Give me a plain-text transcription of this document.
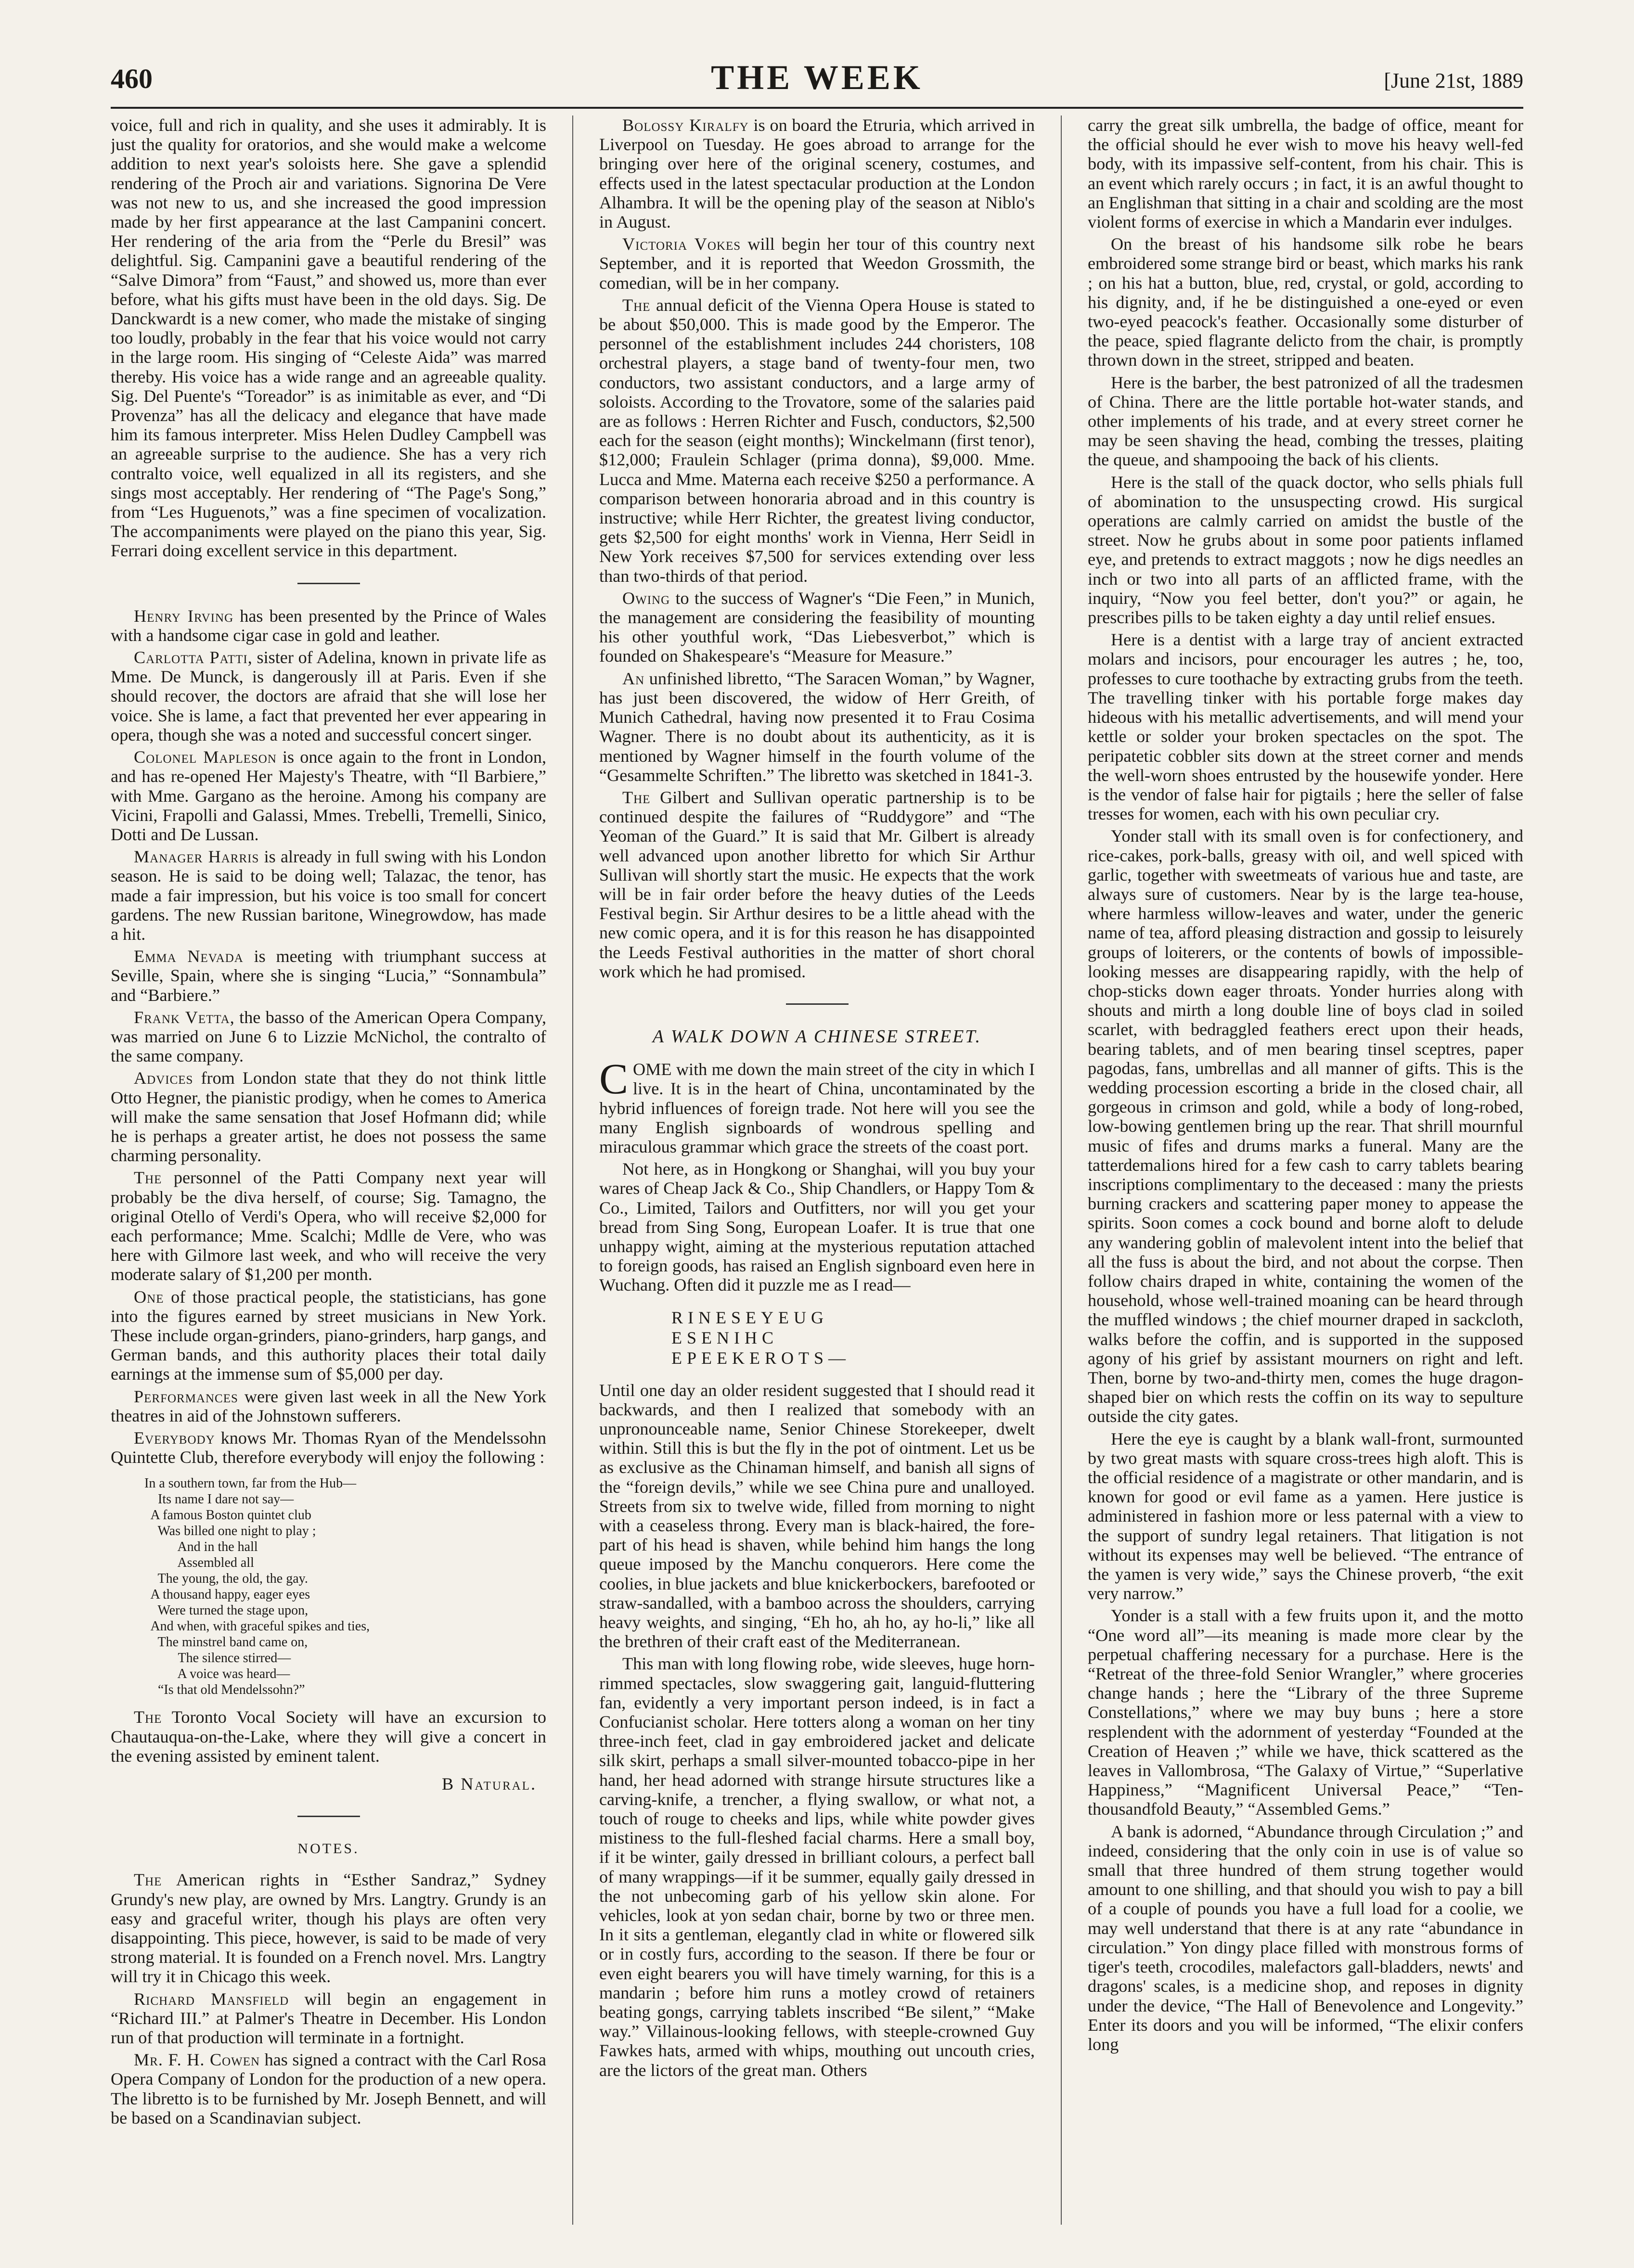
460	THE WEEK	[June 21st, 1889

voice, full and rich in quality, and she uses it admirably. It is just the quality for oratorios, and she would make a welcome addition to next year's soloists here. She gave a splendid rendering of the Proch air and variations. Signorina De Vere was not new to us, and she increased the good impression made by her first appearance at the last Campanini concert. Her rendering of the aria from the “Perle du Bresil” was delightful. Sig. Campanini gave a beautiful rendering of the “Salve Dimora” from “Faust,” and showed us, more than ever before, what his gifts must have been in the old days. Sig. De Danckwardt is a new comer, who made the mistake of singing too loudly, probably in the fear that his voice would not carry in the large room. His singing of “Celeste Aida” was marred thereby. His voice has a wide range and an agreeable quality. Sig. Del Puente's “Toreador” is as inimitable as ever, and “Di Provenza” has all the delicacy and elegance that have made him its famous interpreter. Miss Helen Dudley Campbell was an agreeable surprise to the audience. She has a very rich contralto voice, well equalized in all its registers, and she sings most acceptably. Her rendering of “The Page's Song,” from “Les Huguenots,” was a fine specimen of vocalization. The accompaniments were played on the piano this year, Sig. Ferrari doing excellent service in this department.

Henry Irving has been presented by the Prince of Wales with a handsome cigar case in gold and leather.

Carlotta Patti, sister of Adelina, known in private life as Mme. De Munck, is dangerously ill at Paris. Even if she should recover, the doctors are afraid that she will lose her voice. She is lame, a fact that prevented her ever appearing in opera, though she was a noted and successful concert singer.

Colonel Mapleson is once again to the front in London, and has re-opened Her Majesty's Theatre, with “Il Barbiere,” with Mme. Gargano as the heroine. Among his company are Vicini, Frapolli and Galassi, Mmes. Trebelli, Tremelli, Sinico, Dotti and De Lussan.

Manager Harris is already in full swing with his London season. He is said to be doing well; Talazac, the tenor, has made a fair impression, but his voice is too small for concert gardens. The new Russian baritone, Winegrowdow, has made a hit.

Emma Nevada is meeting with triumphant success at Seville, Spain, where she is singing “Lucia,” “Sonnambula” and “Barbiere.”

Frank Vetta, the basso of the American Opera Company, was married on June 6 to Lizzie McNichol, the contralto of the same company.

Advices from London state that they do not think little Otto Hegner, the pianistic prodigy, when he comes to America will make the same sensation that Josef Hofmann did; while he is perhaps a greater artist, he does not possess the same charming personality.

The personnel of the Patti Company next year will probably be the diva herself, of course; Sig. Tamagno, the original Otello of Verdi's Opera, who will receive $2,000 for each performance; Mme. Scalchi; Mdlle de Vere, who was here with Gilmore last week, and who will receive the very moderate salary of $1,200 per month.

One of those practical people, the statisticians, has gone into the figures earned by street musicians in New York. These include organ-grinders, piano-grinders, harp gangs, and German bands, and this authority places their total daily earnings at the immense sum of $5,000 per day.

Performances were given last week in all the New York theatres in aid of the Johnstown sufferers.

Everybody knows Mr. Thomas Ryan of the Mendelssohn Quintette Club, therefore everybody will enjoy the following :

In a southern town, far from the Hub—
Its name I dare not say—
A famous Boston quintet club
Was billed one night to play ;
And in the hall
Assembled all
The young, the old, the gay.
A thousand happy, eager eyes
Were turned the stage upon,
And when, with graceful spikes and ties,
The minstrel band came on,
The silence stirred—
A voice was heard—
“Is that old Mendelssohn?”

The Toronto Vocal Society will have an excursion to Chautauqua-on-the-Lake, where they will give a concert in the evening assisted by eminent talent.

B Natural.
NOTES.

The American rights in “Esther Sandraz,” Sydney Grundy's new play, are owned by Mrs. Langtry. Grundy is an easy and graceful writer, though his plays are often very disappointing. This piece, however, is said to be made of very strong material. It is founded on a French novel. Mrs. Langtry will try it in Chicago this week.

Richard Mansfield will begin an engagement in “Richard III.” at Palmer's Theatre in December. His London run of that production will terminate in a fortnight.

Mr. F. H. Cowen has signed a contract with the Carl Rosa Opera Company of London for the production of a new opera. The libretto is to be furnished by Mr. Joseph Bennett, and will be based on a Scandinavian subject.

Bolossy Kiralfy is on board the Etruria, which arrived in Liverpool on Tuesday. He goes abroad to arrange for the bringing over here of the original scenery, costumes, and effects used in the latest spectacular production at the London Alhambra. It will be the opening play of the season at Niblo's in August.

Victoria Vokes will begin her tour of this country next September, and it is reported that Weedon Grossmith, the comedian, will be in her company.

The annual deficit of the Vienna Opera House is stated to be about $50,000. This is made good by the Emperor. The personnel of the establishment includes 244 choristers, 108 orchestral players, a stage band of twenty-four men, two conductors, two assistant conductors, and a large army of soloists. According to the Trovatore, some of the salaries paid are as follows : Herren Richter and Fusch, conductors, $2,500 each for the season (eight months); Winckelmann (first tenor), $12,000; Fraulein Schlager (prima donna), $9,000. Mme. Lucca and Mme. Materna each receive $250 a performance. A comparison between honoraria abroad and in this country is instructive; while Herr Richter, the greatest living conductor, gets $2,500 for eight months' work in Vienna, Herr Seidl in New York receives $7,500 for services extending over less than two-thirds of that period.

Owing to the success of Wagner's “Die Feen,” in Munich, the management are considering the feasibility of mounting his other youthful work, “Das Liebesverbot,” which is founded on Shakespeare's “Measure for Measure.”

An unfinished libretto, “The Saracen Woman,” by Wagner, has just been discovered, the widow of Herr Greith, of Munich Cathedral, having now presented it to Frau Cosima Wagner. There is no doubt about its authenticity, as it is mentioned by Wagner himself in the fourth volume of the “Gesammelte Schriften.” The libretto was sketched in 1841-3.

The Gilbert and Sullivan operatic partnership is to be continued despite the failures of “Ruddygore” and “The Yeoman of the Guard.” It is said that Mr. Gilbert is already well advanced upon another libretto for which Sir Arthur Sullivan will shortly start the music. He expects that the work will be in fair order before the heavy duties of the Leeds Festival begin. Sir Arthur desires to be a little ahead with the new comic opera, and it is for this reason he has disappointed the Leeds Festival authorities in the matter of short choral work which he had promised.

A WALK DOWN A CHINESE STREET.

COME with me down the main street of the city in which I live. It is in the heart of China, uncontaminated by the hybrid influences of foreign trade. Not here will you see the many English signboards of wondrous spelling and miraculous grammar which grace the streets of the coast port.

Not here, as in Hongkong or Shanghai, will you buy your wares of Cheap Jack & Co., Ship Chandlers, or Happy Tom & Co., Limited, Tailors and Outfitters, nor will you get your bread from Sing Song, European Loafer. It is true that one unhappy wight, aiming at the mysterious reputation attached to foreign goods, has raised an English signboard even here in Wuchang. Often did it puzzle me as I read—

RINESEYEUG
ESENIHC
EPEEKEROTS—

Until one day an older resident suggested that I should read it backwards, and then I realized that somebody with an unpronounceable name, Senior Chinese Storekeeper, dwelt within. Still this is but the fly in the pot of ointment. Let us be as exclusive as the Chinaman himself, and banish all signs of the “foreign devils,” while we see China pure and unalloyed. Streets from six to twelve wide, filled from morning to night with a ceaseless throng. Every man is black-haired, the fore-part of his head is shaven, while behind him hangs the long queue imposed by the Manchu conquerors. Here come the coolies, in blue jackets and blue knickerbockers, barefooted or straw-sandalled, with a bamboo across the shoulders, carrying heavy weights, and singing, “Eh ho, ah ho, ay ho-li,” like all the brethren of their craft east of the Mediterranean.

This man with long flowing robe, wide sleeves, huge horn-rimmed spectacles, slow swaggering gait, languid-fluttering fan, evidently a very important person indeed, is in fact a Confucianist scholar. Here totters along a woman on her tiny three-inch feet, clad in gay embroidered jacket and delicate silk skirt, perhaps a small silver-mounted tobacco-pipe in her hand, her head adorned with strange hirsute structures like a carving-knife, a trencher, a flying swallow, or what not, a touch of rouge to cheeks and lips, while white powder gives mistiness to the full-fleshed facial charms. Here a small boy, if it be winter, gaily dressed in brilliant colours, a perfect ball of many wrappings—if it be summer, equally gaily dressed in the not unbecoming garb of his yellow skin alone. For vehicles, look at yon sedan chair, borne by two or three men. In it sits a gentleman, elegantly clad in white or flowered silk or in costly furs, according to the season. If there be four or even eight bearers you will have timely warning, for this is a mandarin ; before him runs a motley crowd of retainers beating gongs, carrying tablets inscribed “Be silent,” “Make way.” Villainous-looking fellows, with steeple-crowned Guy Fawkes hats, armed with whips, mouthing out uncouth cries, are the lictors of the great man. Others

carry the great silk umbrella, the badge of office, meant for the official should he ever wish to move his heavy well-fed body, with its impassive self-content, from his chair. This is an event which rarely occurs ; in fact, it is an awful thought to an Englishman that sitting in a chair and scolding are the most violent forms of exercise in which a Mandarin ever indulges.

On the breast of his handsome silk robe he bears embroidered some strange bird or beast, which marks his rank ; on his hat a button, blue, red, crystal, or gold, according to his dignity, and, if he be distinguished a one-eyed or even two-eyed peacock's feather. Occasionally some disturber of the peace, spied flagrante delicto from the chair, is promptly thrown down in the street, stripped and beaten.

Here is the barber, the best patronized of all the tradesmen of China. There are the little portable hot-water stands, and other implements of his trade, and at every street corner he may be seen shaving the head, combing the tresses, plaiting the queue, and shampooing the back of his clients.

Here is the stall of the quack doctor, who sells phials full of abomination to the unsuspecting crowd. His surgical operations are calmly carried on amidst the bustle of the street. Now he grubs about in some poor patients inflamed eye, and pretends to extract maggots ; now he digs needles an inch or two into all parts of an afflicted frame, with the inquiry, “Now you feel better, don't you?” or again, he prescribes pills to be taken eighty a day until relief ensues.

Here is a dentist with a large tray of ancient extracted molars and incisors, pour encourager les autres ; he, too, professes to cure toothache by extracting grubs from the teeth. The travelling tinker with his portable forge makes day hideous with his metallic advertisements, and will mend your kettle or solder your broken spectacles on the spot. The peripatetic cobbler sits down at the street corner and mends the well-worn shoes entrusted by the housewife yonder. Here is the vendor of false hair for pigtails ; here the seller of false tresses for women, each with his own peculiar cry.

Yonder stall with its small oven is for confectionery, and rice-cakes, pork-balls, greasy with oil, and well spiced with garlic, together with sweetmeats of various hue and taste, are always sure of customers. Near by is the large tea-house, where harmless willow-leaves and water, under the generic name of tea, afford pleasing distraction and gossip to leisurely groups of loiterers, or the contents of bowls of impossible-looking messes are disappearing rapidly, with the help of chop-sticks down eager throats. Yonder hurries along with shouts and mirth a long double line of boys clad in soiled scarlet, with bedraggled feathers erect upon their heads, bearing tablets, and of men bearing tinsel sceptres, paper pagodas, fans, umbrellas and all manner of gifts. This is the wedding procession escorting a bride in the closed chair, all gorgeous in crimson and gold, while a body of long-robed, low-bowing gentlemen bring up the rear. That shrill mournful music of fifes and drums marks a funeral. Many are the tatterdemalions hired for a few cash to carry tablets bearing inscriptions complimentary to the deceased : many the priests burning crackers and scattering paper money to appease the spirits. Soon comes a cock bound and borne aloft to delude any wandering goblin of malevolent intent into the belief that all the fuss is about the bird, and not about the corpse. Then follow chairs draped in white, containing the women of the household, whose well-trained moaning can be heard through the muffled windows ; the chief mourner draped in sackcloth, walks before the coffin, and is supported in the supposed agony of his grief by assistant mourners on right and left. Then, borne by two-and-thirty men, comes the huge dragon-shaped bier on which rests the coffin on its way to sepulture outside the city gates.

Here the eye is caught by a blank wall-front, surmounted by two great masts with square cross-trees high aloft. This is the official residence of a magistrate or other mandarin, and is known for good or evil fame as a yamen. Here justice is administered in fashion more or less paternal with a view to the support of sundry legal retainers. That litigation is not without its expenses may well be believed. “The entrance of the yamen is very wide,” says the Chinese proverb, “the exit very narrow.”

Yonder is a stall with a few fruits upon it, and the motto “One word all”—its meaning is made more clear by the perpetual chaffering necessary for a purchase. Here is the “Retreat of the three-fold Senior Wrangler,” where groceries change hands ; here the “Library of the three Supreme Constellations,” where we may buy buns ; here a store resplendent with the adornment of yesterday “Founded at the Creation of Heaven ;” while we have, thick scattered as the leaves in Vallombrosa, “The Galaxy of Virtue,” “Superlative Happiness,” “Magnificent Universal Peace,” “Ten-thousandfold Beauty,” “Assembled Gems.”

A bank is adorned, “Abundance through Circulation ;” and indeed, considering that the only coin in use is of value so small that three hundred of them strung together would amount to one shilling, and that should you wish to pay a bill of a couple of pounds you have a full load for a coolie, we may well understand that there is at any rate “abundance in circulation.” Yon dingy place filled with monstrous forms of tiger's teeth, crocodiles, malefactors gall-bladders, newts' and dragons' scales, is a medicine shop, and reposes in dignity under the device, “The Hall of Benevolence and Longevity.” Enter its doors and you will be informed, “The elixir confers long
